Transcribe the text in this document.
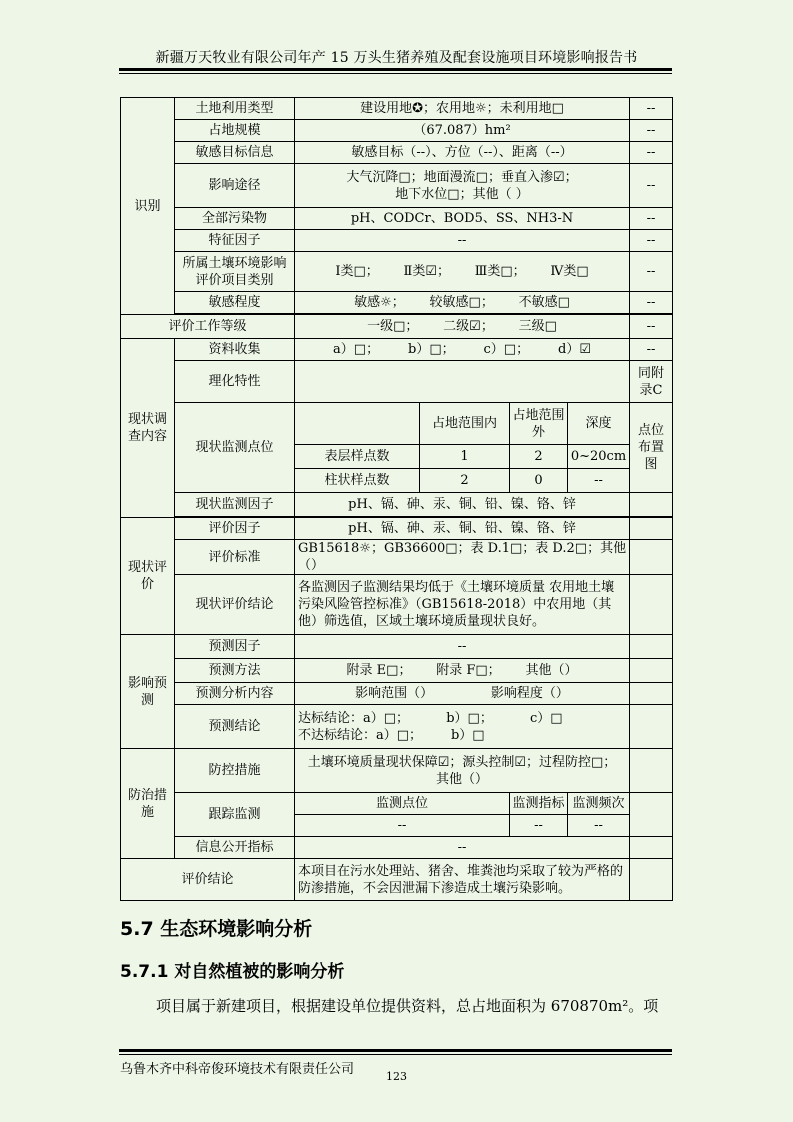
新疆万天牧业有限公司年产 15 万头生猪养殖及配套设施项目环境影响报告书
识别	土地利用类型	建设用地✪；农用地☼；未利用地□				--
	占地规模	（67.087）hm²				--
	敏感目标信息	敏感目标（--）、方位（--）、距离（--）				--
	影响途径	大气沉降□；地面漫流□；垂直入渗☑；
地下水位□；其他（ ）				--
	全部污染物	pH、CODCr、BOD5、SS、NH3-N				--
	特征因子	--				--
	所属土壤环境影响评价项目类别	Ⅰ类□；      Ⅱ类☑；      Ⅲ类□；      Ⅳ类□				--
	敏感程度	敏感☼；      较敏感□；      不敏感□				--

评价工作等级		一级□；      二级☑；      三级□				--
现状调查内容	资料收集	a）□；       b）□；       c）□；       d）☑				--
	理化特性					同附录C
	现状监测点位		占地范围内	占地范围外	深度	点位布置图
		表层样点数	1	2	0~20cm	
		柱状样点数	2	0	--	
	现状监测因子	pH、镉、砷、汞、铜、铅、镍、铬、锌				

现状评价	评价因子	pH、镉、砷、汞、铜、铅、镍、铬、锌				
	评价标准	GB15618☼；GB36600□；表 D.1□；表 D.2□；其他（）				
	现状评价结论	各监测因子监测结果均低于《土壤环境质量 农用地土壤污染风险管控标准》（GB15618-2018）中农用地（其他）筛选值，区域土壤环境质量现状良好。				
影响预测	预测因子	--				
	预测方法	附录 E□；      附录 F□；      其他（）				
	预测分析内容	影响范围（）              影响程度（）				
	预测结论	达标结论：a）□；         b）□；         c）□
不达标结论：a）□；       b）□				

防治措施	防控措施	土壤环境质量现状保障☑；源头控制☑；过程防控□；
其他（）				

	跟踪监测	监测点位		监测指标	监测频次	
		--		--	--	
	信息公开指标	--				
评价结论		本项目在污水处理站、猪舍、堆粪池均采取了较为严格的防渗措施，不会因泄漏下渗造成土壤污染影响。				
5.7 生态环境影响分析
5.7.1 对自然植被的影响分析
项目属于新建项目，根据建设单位提供资料，总占地面积为 670870m²。项
乌鲁木齐中科帝俊环境技术有限责任公司	123
